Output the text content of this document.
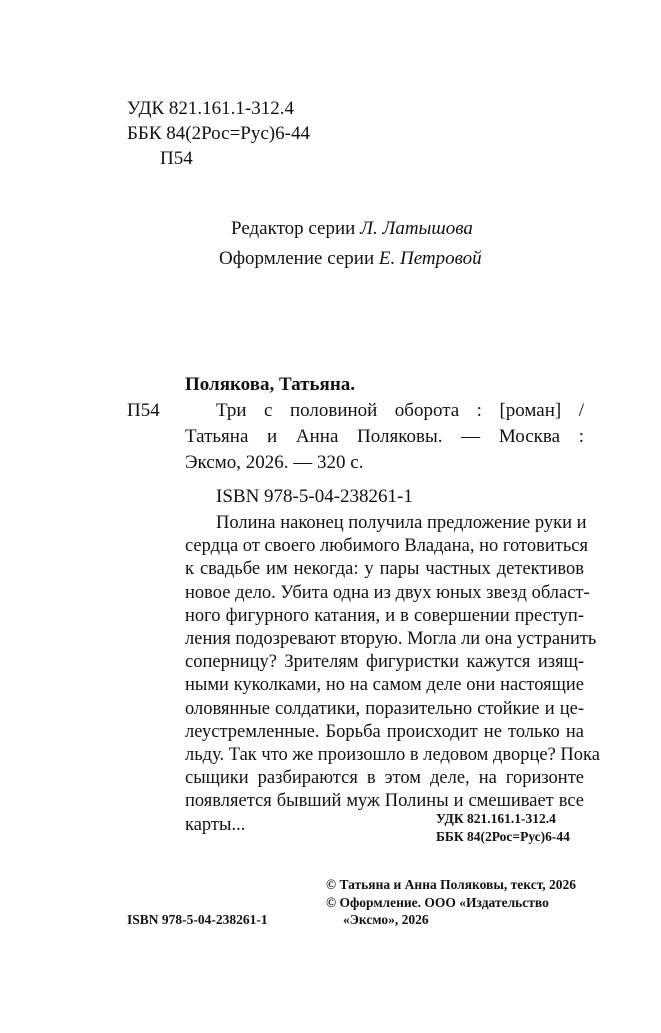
УДК 821.161.1-312.4
ББК 84(2Рос=Рус)6-44
П54
Редактор серии Л. Латышова
Оформление серии Е. Петровой
Полякова, Татьяна.
П54	Три с половиной оборота : [роман] /
Татьяна и Анна Поляковы. — Москва :
Эксмо, 2026. — 320 с.
ISBN 978-5-04-238261-1
Полина наконец получила предложение руки и
сердца от своего любимого Владана, но готовиться
к свадьбе им некогда: у пары частных детективов
новое дело. Убита одна из двух юных звезд област-
ного фигурного катания, и в совершении преступ-
ления подозревают вторую. Могла ли она устранить
соперницу? Зрителям фигуристки кажутся изящ-
ными куколками, но на самом деле они настоящие
оловянные солдатики, поразительно стойкие и це-
леустремленные. Борьба происходит не только на
льду. Так что же произошло в ледовом дворце? Пока
сыщики разбираются в этом деле, на горизонте
появляется бывший муж Полины и смешивает все
карты...	УДК 821.161.1-312.4
ББК 84(2Рос=Рус)6-44
© Татьяна и Анна Поляковы, текст, 2026
© Оформление. ООО «Издательство
«Эксмо», 2026
ISBN 978-5-04-238261-1
